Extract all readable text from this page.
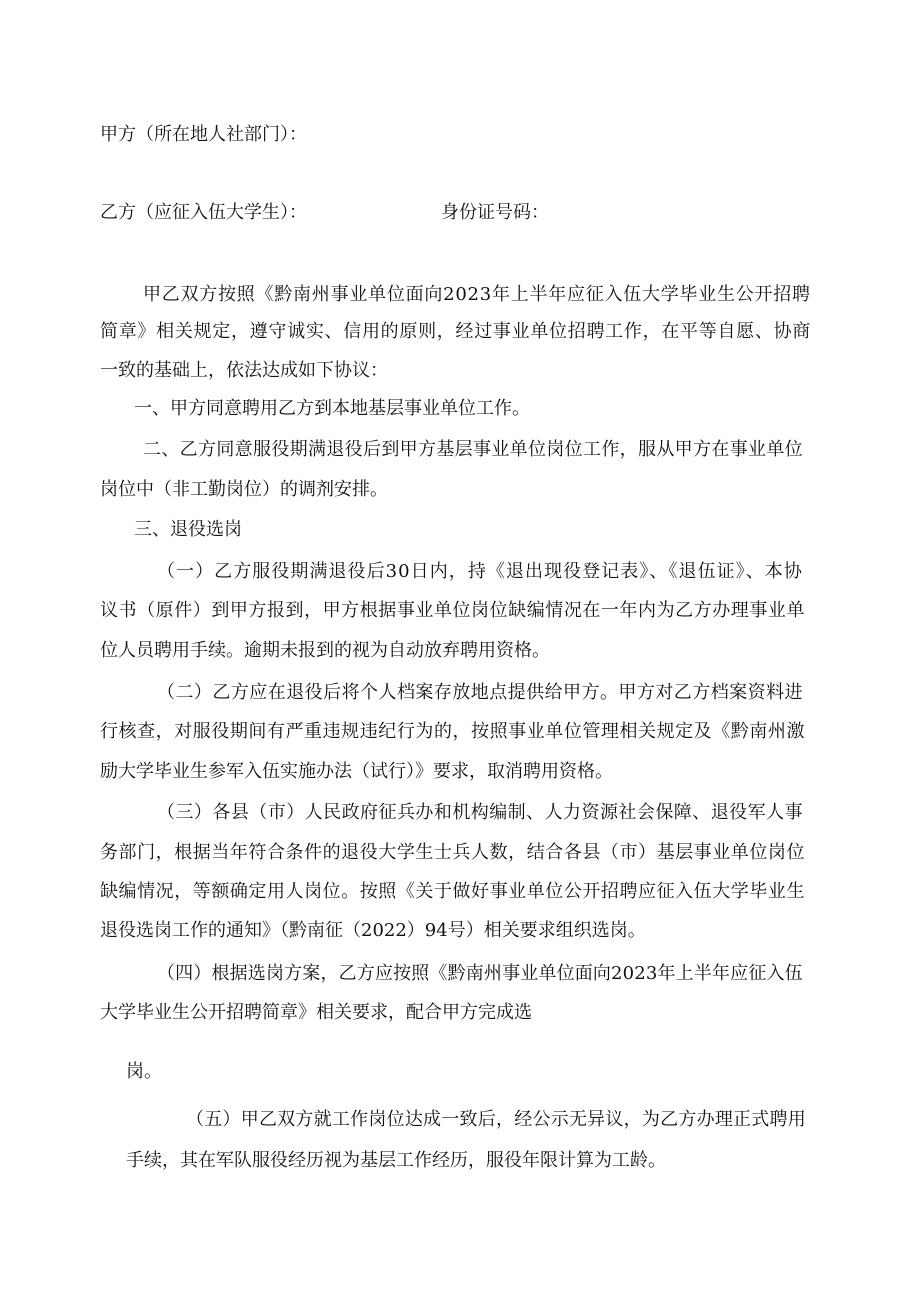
甲方（所在地人社部门）：
乙方（应征入伍大学生）：	身份证号码：
甲乙双方按照《黔南州事业单位面向2023年上半年应征入伍大学毕业生公开招聘
简章》相关规定，遵守诚实、信用的原则，经过事业单位招聘工作，在平等自愿、协商
一致的基础上，依法达成如下协议：
一、甲方同意聘用乙方到本地基层事业单位工作。
二、乙方同意服役期满退役后到甲方基层事业单位岗位工作，服从甲方在事业单位
岗位中（非工勤岗位）的调剂安排。
三、退役选岗
（一）乙方服役期满退役后30日内，持《退出现役登记表》、《退伍证》、本协
议书（原件）到甲方报到，甲方根据事业单位岗位缺编情况在一年内为乙方办理事业单
位人员聘用手续。逾期未报到的视为自动放弃聘用资格。
（二）乙方应在退役后将个人档案存放地点提供给甲方。甲方对乙方档案资料进
行核查，对服役期间有严重违规违纪行为的，按照事业单位管理相关规定及《黔南州激
励大学毕业生参军入伍实施办法（试行）》要求，取消聘用资格。
（三）各县（市）人民政府征兵办和机构编制、人力资源社会保障、退役军人事
务部门，根据当年符合条件的退役大学生士兵人数，结合各县（市）基层事业单位岗位
缺编情况，等额确定用人岗位。按照《关于做好事业单位公开招聘应征入伍大学毕业生
退役选岗工作的通知》（黔南征（2022）94号）相关要求组织选岗。
（四）根据选岗方案，乙方应按照《黔南州事业单位面向2023年上半年应征入伍
大学毕业生公开招聘简章》相关要求，配合甲方完成选
岗。
（五）甲乙双方就工作岗位达成一致后，经公示无异议，为乙方办理正式聘用
手续，其在军队服役经历视为基层工作经历，服役年限计算为工龄。
